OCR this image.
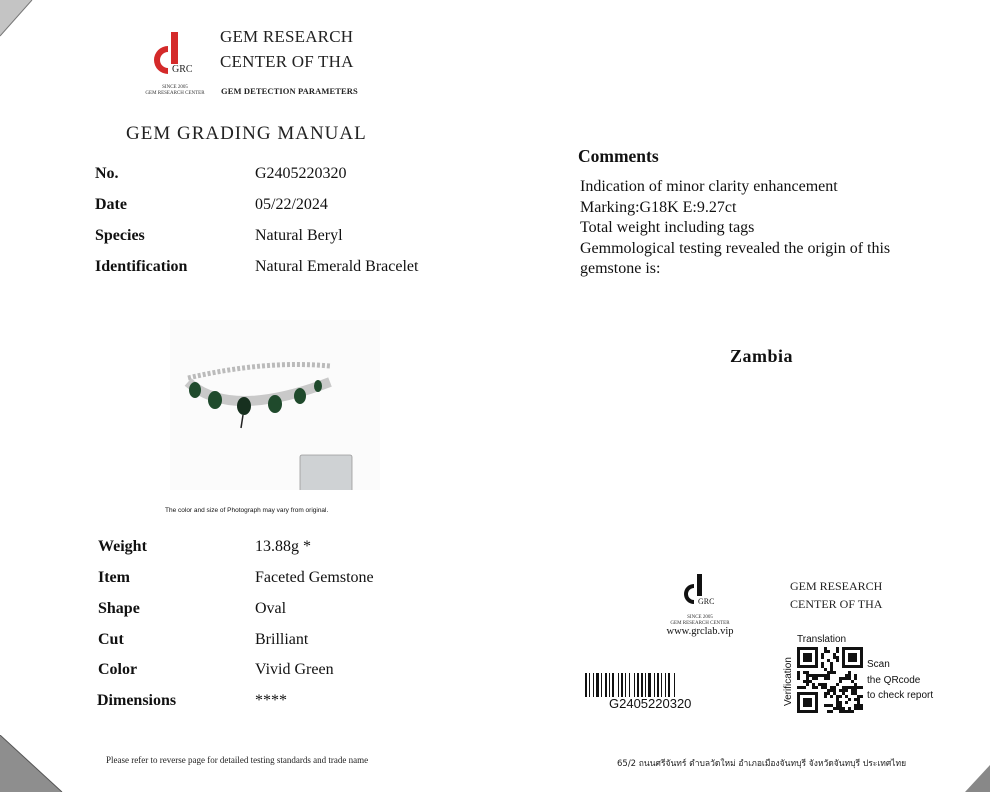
GRC
SINCE 2005
GEM RESEARCH CENTER
GEM RESEARCH
CENTER OF THA
GEM DETECTION PARAMETERS
GEM GRADING MANUAL
No.	G2405220320
Date	05/22/2024
Species	Natural Beryl
Identification	Natural Emerald Bracelet
Comments
Indication of minor clarity enhancement
Marking:G18K E:9.27ct
Total weight including tags
Gemmological testing revealed the origin of this
gemstone is:
Zambia
The color and size of Photograph may vary from original.
Weight	13.88g *
Item	Faceted Gemstone
Shape	Oval
Cut	Brilliant
Color	Vivid Green
Dimensions	****
GRC
SINCE 2005
GEM RESEARCH CENTER
www.grclab.vip
GEM RESEARCH
CENTER OF THA
G2405220320
Translation
Verification	Scan
the QRcode
to check report
Please refer to reverse page for detailed testing standards and trade name	65/2 ถนนศรีจันทร์ ตำบลวัดใหม่ อำเภอเมืองจันทบุรี จังหวัดจันทบุรี ประเทศไทย
